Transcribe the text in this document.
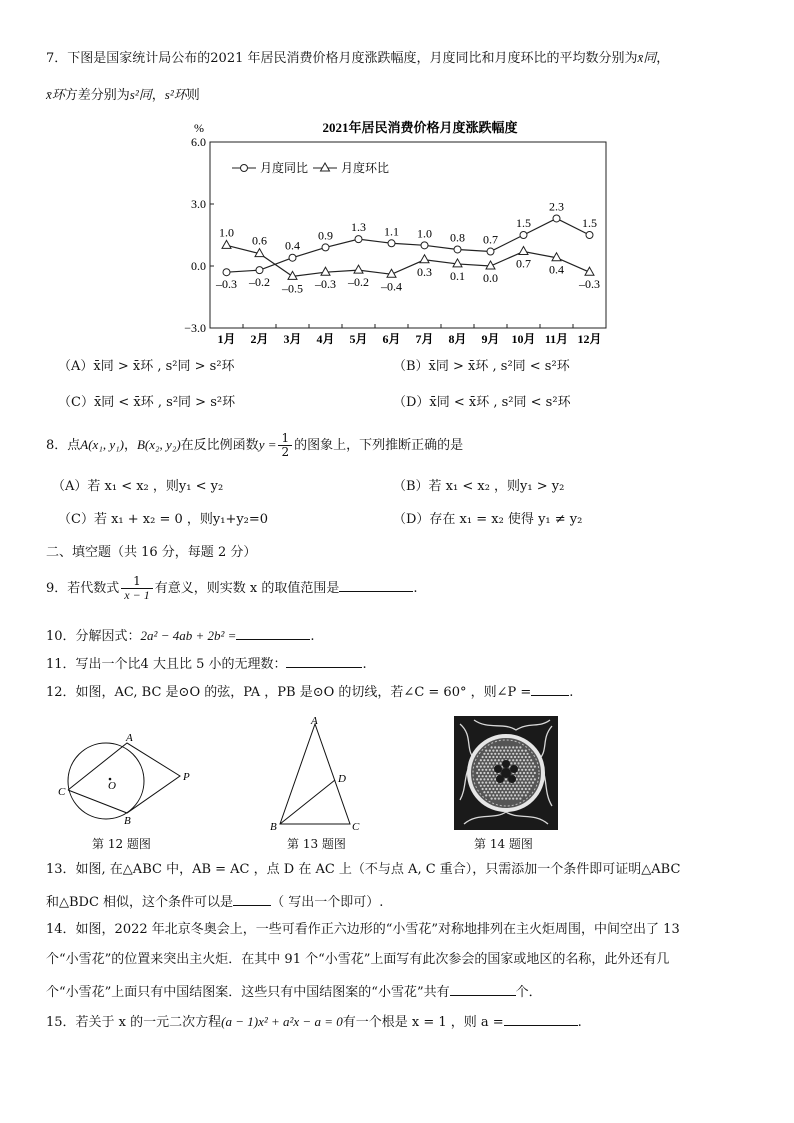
7．下图是国家统计局公布的2021 年居民消费价格月度涨跌幅度，月度同比和月度环比的平均数分别为x̄同，
x̄环方差分别为s²同，s²环则
2021年居民消费价格月度涨跌幅度
%
6.0
3.0
0.0
−3.0
1月 2月 3月 4月 5月 6月 7月 8月 9月 10月 11月 12月
–0.3 –0.2
0.4
0.9
1.3 1.1 1.0 0.8 0.7
1.5
2.3
1.5
1.0
0.6
–0.5 –0.3 –0.2 –0.4
0.3 0.1 0.0
0.7 0.4
–0.3
月度同比	月度环比
（A）x̄同 > x̄环 , s²同 > s²环	（B）x̄同 > x̄环 , s²同 < s²环
（C）x̄同 < x̄环 , s²同 > s²环	（D）x̄同 < x̄环 , s²同 < s²环
8．点A(x₁, y₁)，B(x₂, y₂)在反比例函数$y = \frac{1}{2}$ 的图象上，下列推断正确的是
（A）若 x₁ < x₂ ，则y₁ < y₂	（B）若 x₁ < x₂ ，则y₁ > y₂
（C）若 x₁ + x₂ = 0 ，则y₁+y₂=0	（D）存在 x₁ = x₂ 使得 y₁ ≠ y₂
二、填空题（共 16 分，每题 2 分）
9．若代数式 $\frac{1}{x - 1}$ 有意义，则实数 x 的取值范围是	.
10．分解因式：2a² − 4ab + 2b² =	.
11．写出一个比4 大且比 5 小的无理数：	.
12．如图，AC, BC 是⊙O 的弦，PA ，PB 是⊙O 的切线，若∠C = 60° ，则∠P =	.
A
B
C	O
P
第 12 题图
A
B	C
D
第 13 题图	第 14 题图
13．如图, 在△ABC 中，AB = AC ，点 D 在 AC 上（不与点 A, C 重合），只需添加一个条件即可证明△ABC
和△BDC 相似，这个条件可以是	（ 写出一个即可）.
14．如图，2022 年北京冬奥会上，一些可看作正六边形的“小雪花”对称地排列在主火炬周围，中间空出了 13
个“小雪花”的位置来突出主火炬．在其中 91 个“小雪花”上面写有此次参会的国家或地区的名称，此外还有几
个“小雪花”上面只有中国结图案．这些只有中国结图案的“小雪花”共有	个．
15．若关于 x 的一元二次方程(a − 1)x² + a²x − a = 0有一个根是 x = 1 ，则 a =	.
